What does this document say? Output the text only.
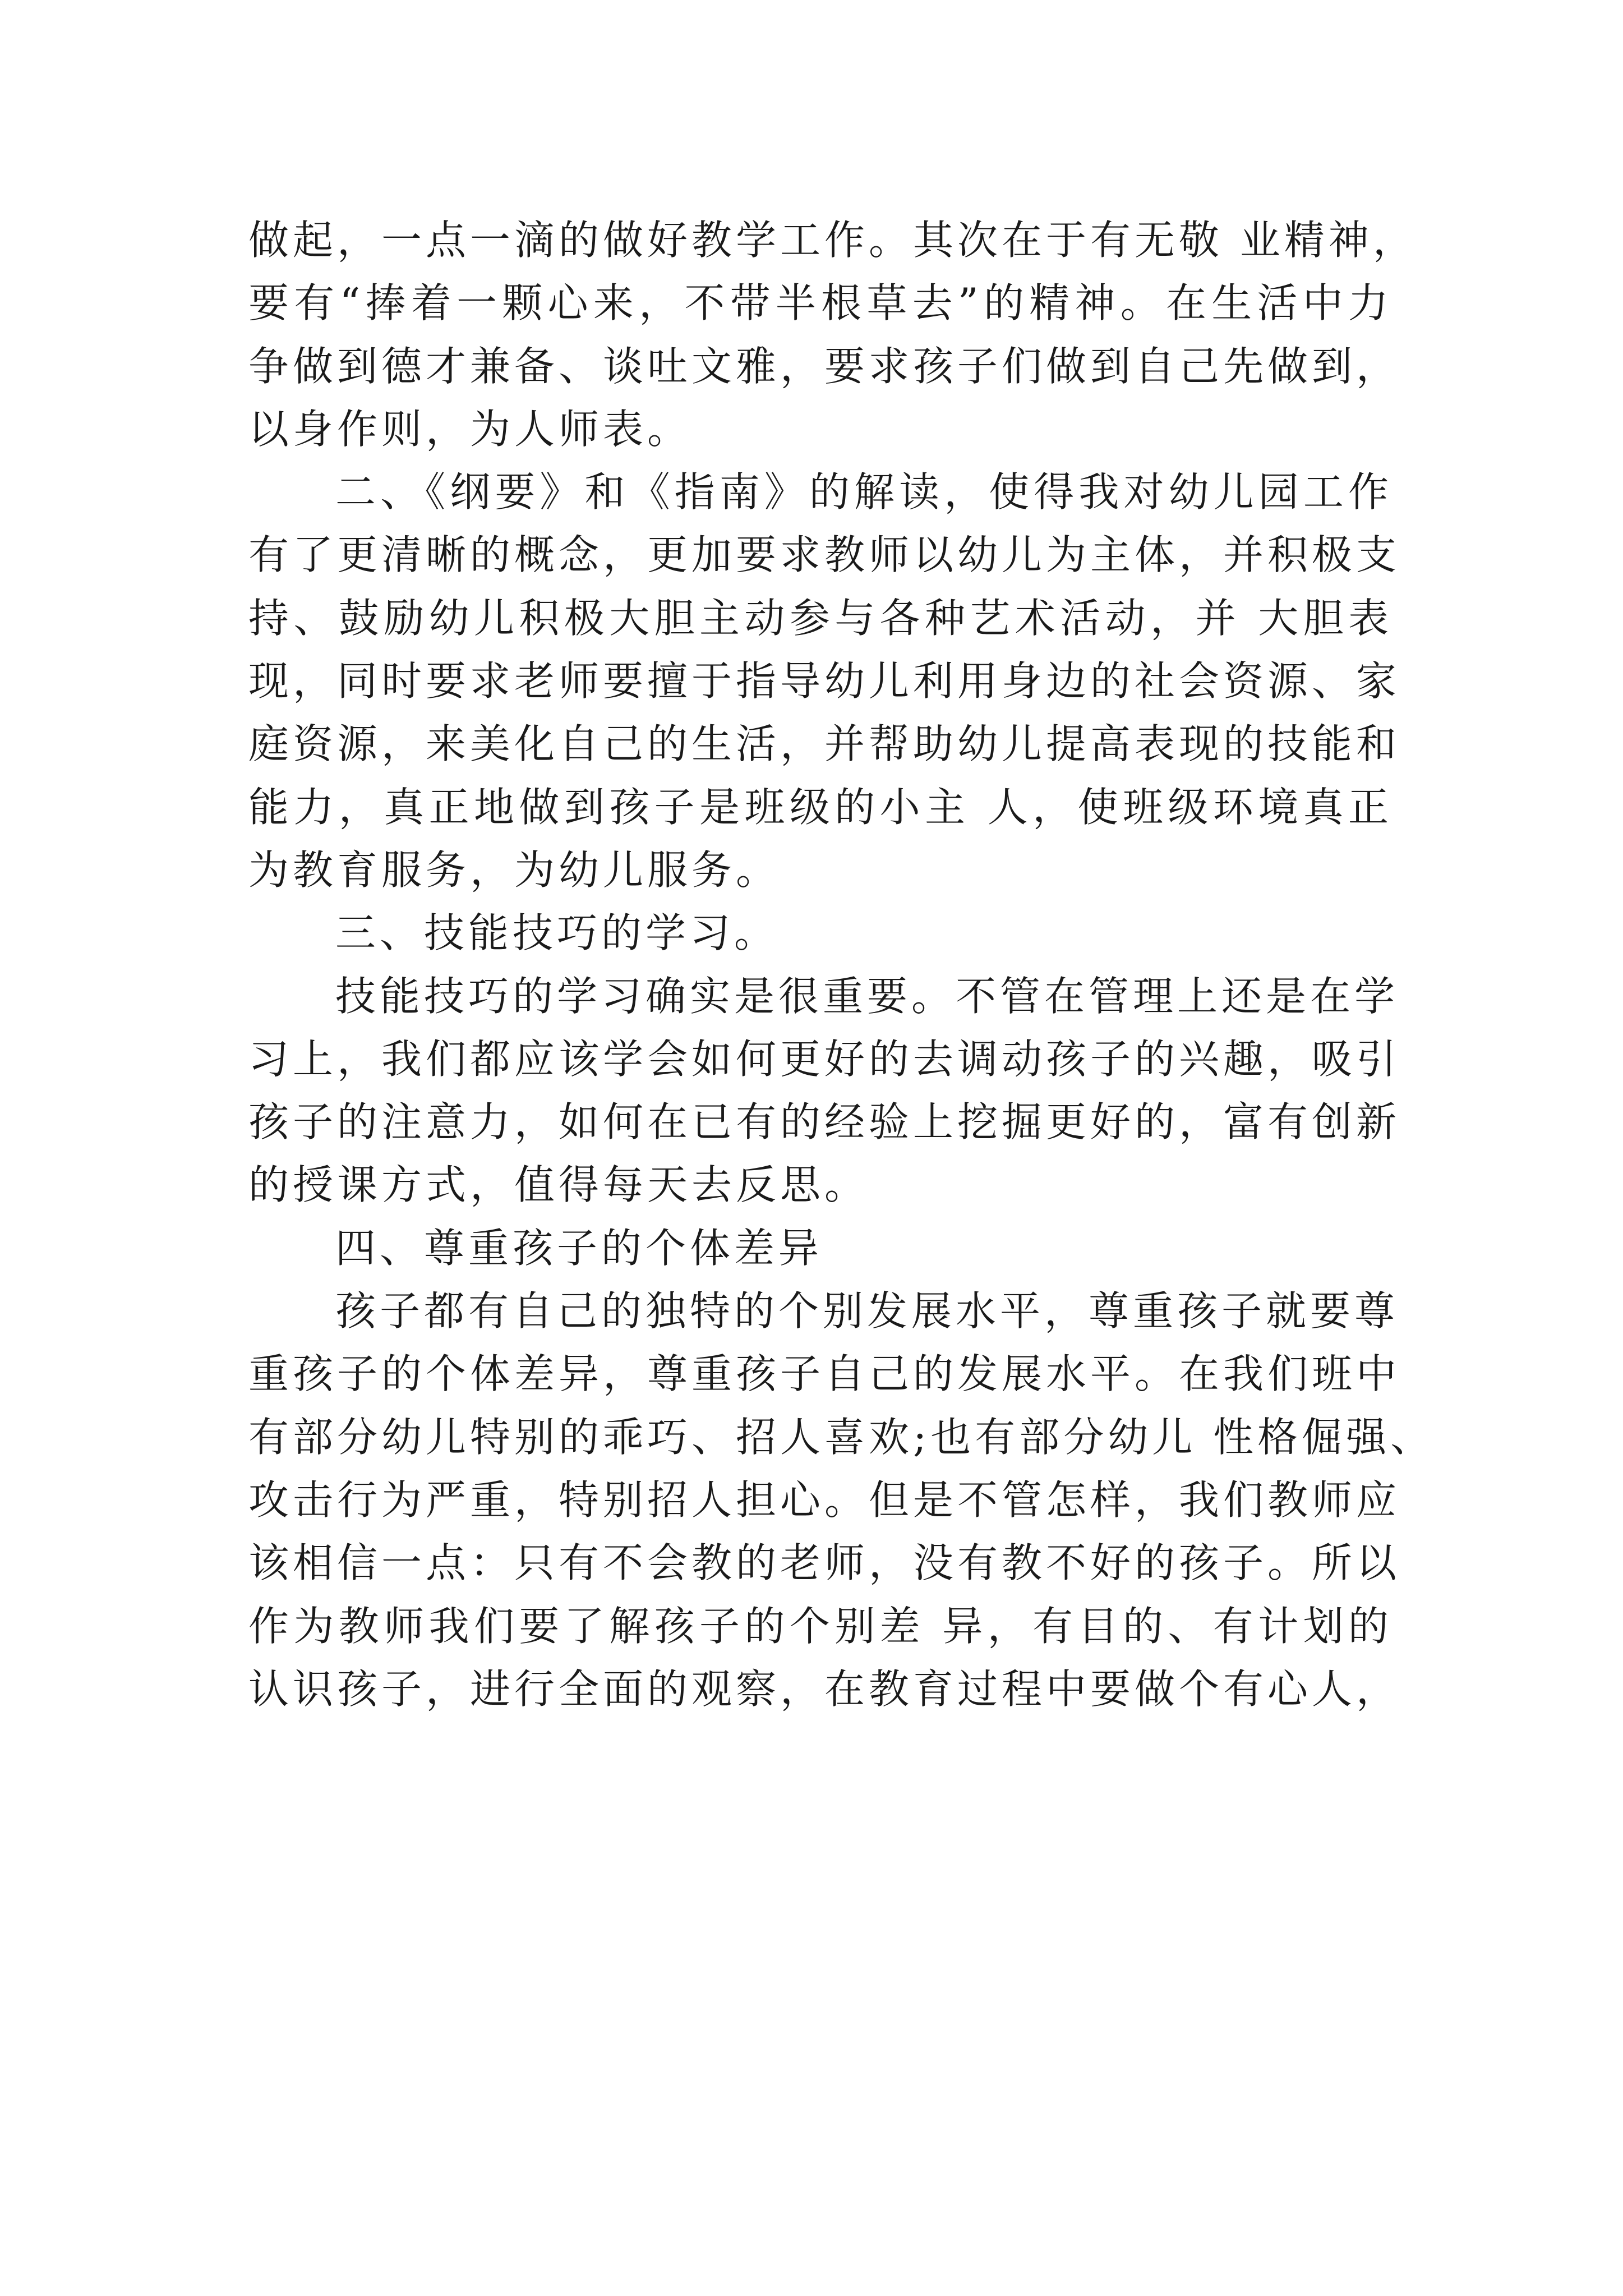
做起，一点一滴的做好教学工作。其次在于有无敬 业精神，
要有“捧着一颗心来，不带半根草去”的精神。在生活中力
争做到德才兼备、谈吐文雅，要求孩子们做到自己先做到，
以身作则，为人师表。
二、《纲要》和《指南》的解读，使得我对幼儿园工作
有了更清晰的概念，更加要求教师以幼儿为主体，并积极支
持、鼓励幼儿积极大胆主动参与各种艺术活动，并 大胆表
现，同时要求老师要擅于指导幼儿利用身边的社会资源、家
庭资源，来美化自己的生活，并帮助幼儿提高表现的技能和
能力，真正地做到孩子是班级的小主 人，使班级环境真正
为教育服务，为幼儿服务。
三、技能技巧的学习。
技能技巧的学习确实是很重要。不管在管理上还是在学
习上，我们都应该学会如何更好的去调动孩子的兴趣，吸引
孩子的注意力，如何在已有的经验上挖掘更好的，富有创新
的授课方式，值得每天去反思。
四、尊重孩子的个体差异
孩子都有自己的独特的个别发展水平，尊重孩子就要尊
重孩子的个体差异，尊重孩子自己的发展水平。在我们班中
有部分幼儿特别的乖巧、招人喜欢;也有部分幼儿 性格倔强、
攻击行为严重，特别招人担心。但是不管怎样，我们教师应
该相信一点：只有不会教的老师，没有教不好的孩子。所以
作为教师我们要了解孩子的个别差 异，有目的、有计划的
认识孩子，进行全面的观察，在教育过程中要做个有心人，
